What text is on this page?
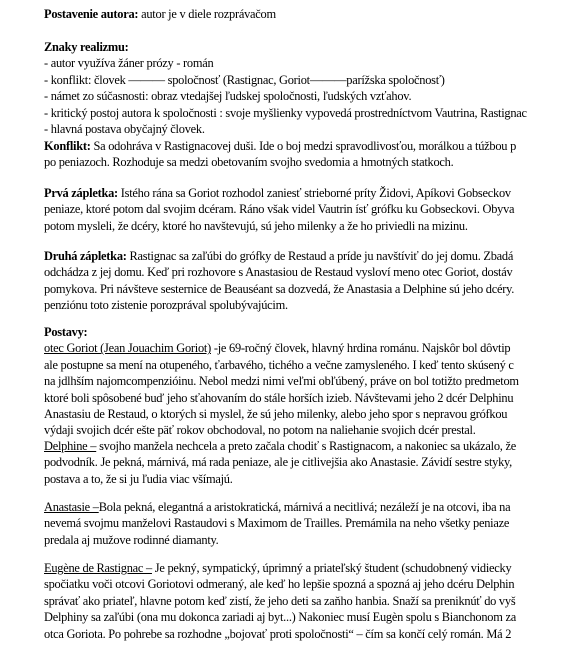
Postavenie autora: autor je v diele rozprávačom
Znaky realizmu:
- autor využíva žáner prózy - román
- konflikt: človek ——— spoločnosť (Rastignac, Goriot———parížska spoločnosť)
- námet zo súčasnosti: obraz vtedajšej ľudskej spoločnosti, ľudských vzťahov.
- kritický postoj autora k spoločnosti : svoje myšlienky vypovedá prostredníctvom Vautrina, Rastignac
- hlavná postava obyčajný človek.
Konflikt: Sa odohráva v Rastignacovej duši. Ide o boj medzi spravodlivosťou, morálkou a túžbou p
po peniazoch. Rozhoduje sa medzi obetovaním svojho svedomia a hmotných statkoch.
Prvá zápletka: Istého rána sa Goriot rozhodol zaniesť strieborné príty Židovi, Apíkovi Gobseckov
peniaze, ktoré potom dal svojim dcéram. Ráno však videl Vautrin ísť grófku ku Gobseckovi. Obyva
potom mysleli, že dcéry, ktoré ho navštevujú, sú jeho milenky a že ho priviedli na mizinu.
Druhá zápletka: Rastignac sa zaľúbi do grófky de Restaud a príde ju navštíviť do jej domu. Zbadá
odchádza z jej domu. Keď pri rozhovore s Anastasiou de Restaud vysloví meno otec Goriot, dostáv
pomykova. Pri návšteve sesternice de Beauséant sa dozvedá, že Anastasia a Delphine sú jeho dcéry.
penziónu toto zistenie porozprával spolubývajúcim.
Postavy:
otec Goriot (Jean Jouachim Goriot) -je 69-ročný človek, hlavný hrdina románu. Najskôr bol dôvtip
ale postupne sa mení na otupeného, ťarbavého, tichého a večne zamysleného. I keď tento skúsený c
na jdlhším najomcompenzióinu. Nebol medzi nimi veľmi obľúbený, práve on bol totižto predmetom
ktoré boli spôsobené buď jeho sťahovaním do stále horších izieb. Návštevami jeho 2 dcér Delphinu
Anastasiu de Restaud, o ktorých si myslel, že sú jeho milenky, alebo jeho spor s nepravou grófkou
výdaji svojich dcér ešte päť rokov obchodoval, no potom na naliehanie svojich dcér prestal.
Delphine – svojho manžela nechcela a preto začala chodiť s Rastignacom, a nakoniec sa ukázalo, že
podvodník. Je pekná, márnivá, má rada peniaze, ale je citlivejšia ako Anastasie. Závidí sestre styky,
postava a to, že si ju ľudia viac všímajú.
Anastasie –Bola pekná, elegantná a aristokratická, márnivá a necitlivá; nezáleží je na otcovi, iba na
nevemá svojmu manželovi Rastaudovi s Maximom de Trailles. Premámila na neho všetky peniaze
predala aj mužove rodinné diamanty.
Eugène de Rastignac – Je pekný, sympatický, úprimný a priateľský študent (schudobnený vidiecky
spočiatku voči otcovi Goriotovi odmeraný, ale keď ho lepšie spozná a spozná aj jeho dcéru Delphin
správať ako priateľ, hlavne potom keď zistí, že jeho deti sa zaňho hanbia. Snaží sa preniknúť do vyš
Delphiny sa zaľúbi (ona mu dokonca zariadi aj byt...) Nakoniec musí Eugèn spolu s Bianchonom za
otca Goriota. Po pohrebe sa rozhodne „bojovať proti spoločnosti“ – čím sa končí celý román. Má 2
